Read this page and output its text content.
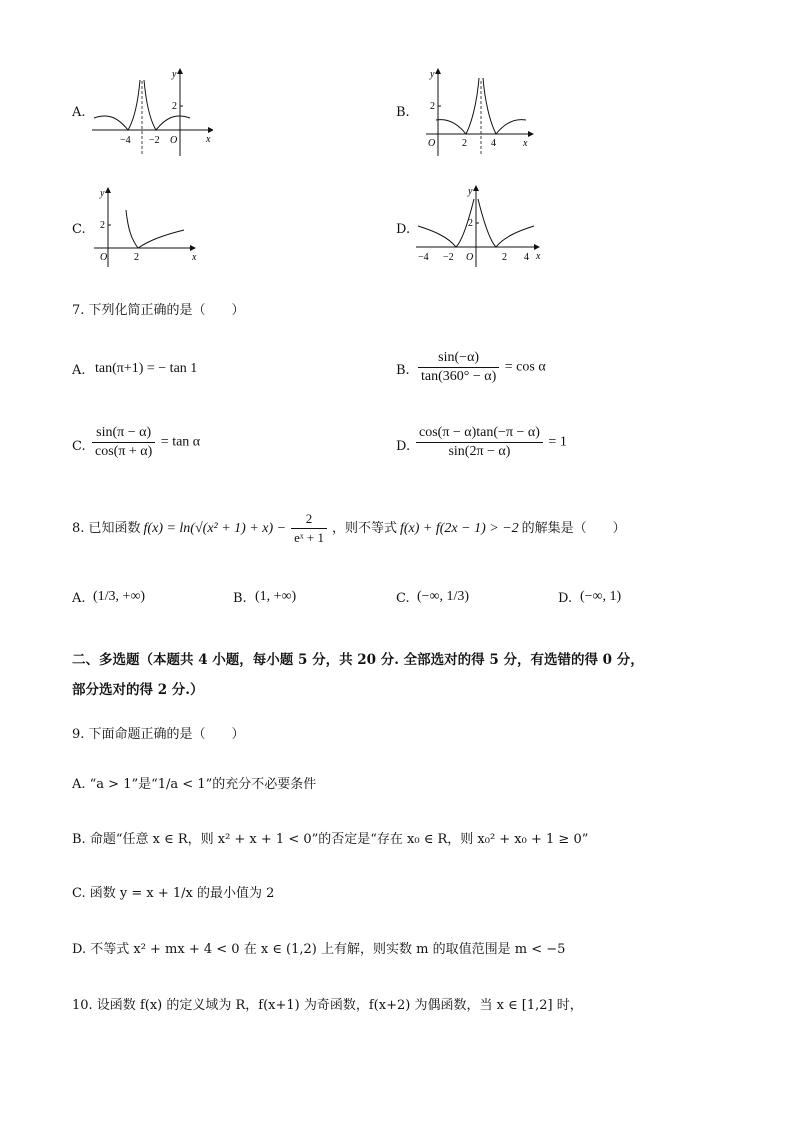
A.
y
x
O
2
−4 −2
B.
y
x
O
2
2 4
C.
y
x
O
2
2
D.
y
x
O
2
−4 −2	2 4
7. 下列化简正确的是（　　）
A. tan(π+1) = − tan 1	B. $\frac{\sin(-\alpha)}{\tan(360^\circ - \alpha)} = \cos \alpha$
C. $\frac{\sin(\pi - \alpha)}{\cos(\pi + \alpha)} = \tan \alpha$	D. $\frac{\cos(\pi - \alpha)\tan(-\pi - \alpha)}{\sin(2\pi - \alpha)} = 1$
8. 已知函数 $f(x) = \ln(√(x^2 + 1) + x) - \frac{2}{\text{eˣ + 1}}$ ，则不等式 f(x) + f(2x − 1) > −2 的解集是（　　）
A. (1/3, +∞)	B. (1, +∞)	C. (−∞, 1/3)	D. (−∞, 1)
二、多选题（本题共 4 小题，每小题 5 分，共 20 分. 全部选对的得 5 分，有选错的得 0 分，
部分选对的得 2 分.）
9. 下面命题正确的是（　　）
A. “a > 1”是“1/a < 1”的充分不必要条件
B. 命题“任意 x ∈ R，则 x² + x + 1 < 0”的否定是“存在 x₀ ∈ R，则 x₀² + x₀ + 1 ≥ 0”
C. 函数 y = x + 1/x 的最小值为 2
D. 不等式 x² + mx + 4 < 0 在 x ∈ (1,2) 上有解，则实数 m 的取值范围是 m < −5
10. 设函数 f(x) 的定义域为 R，f(x+1) 为奇函数，f(x+2) 为偶函数，当 x ∈ [1,2] 时，
